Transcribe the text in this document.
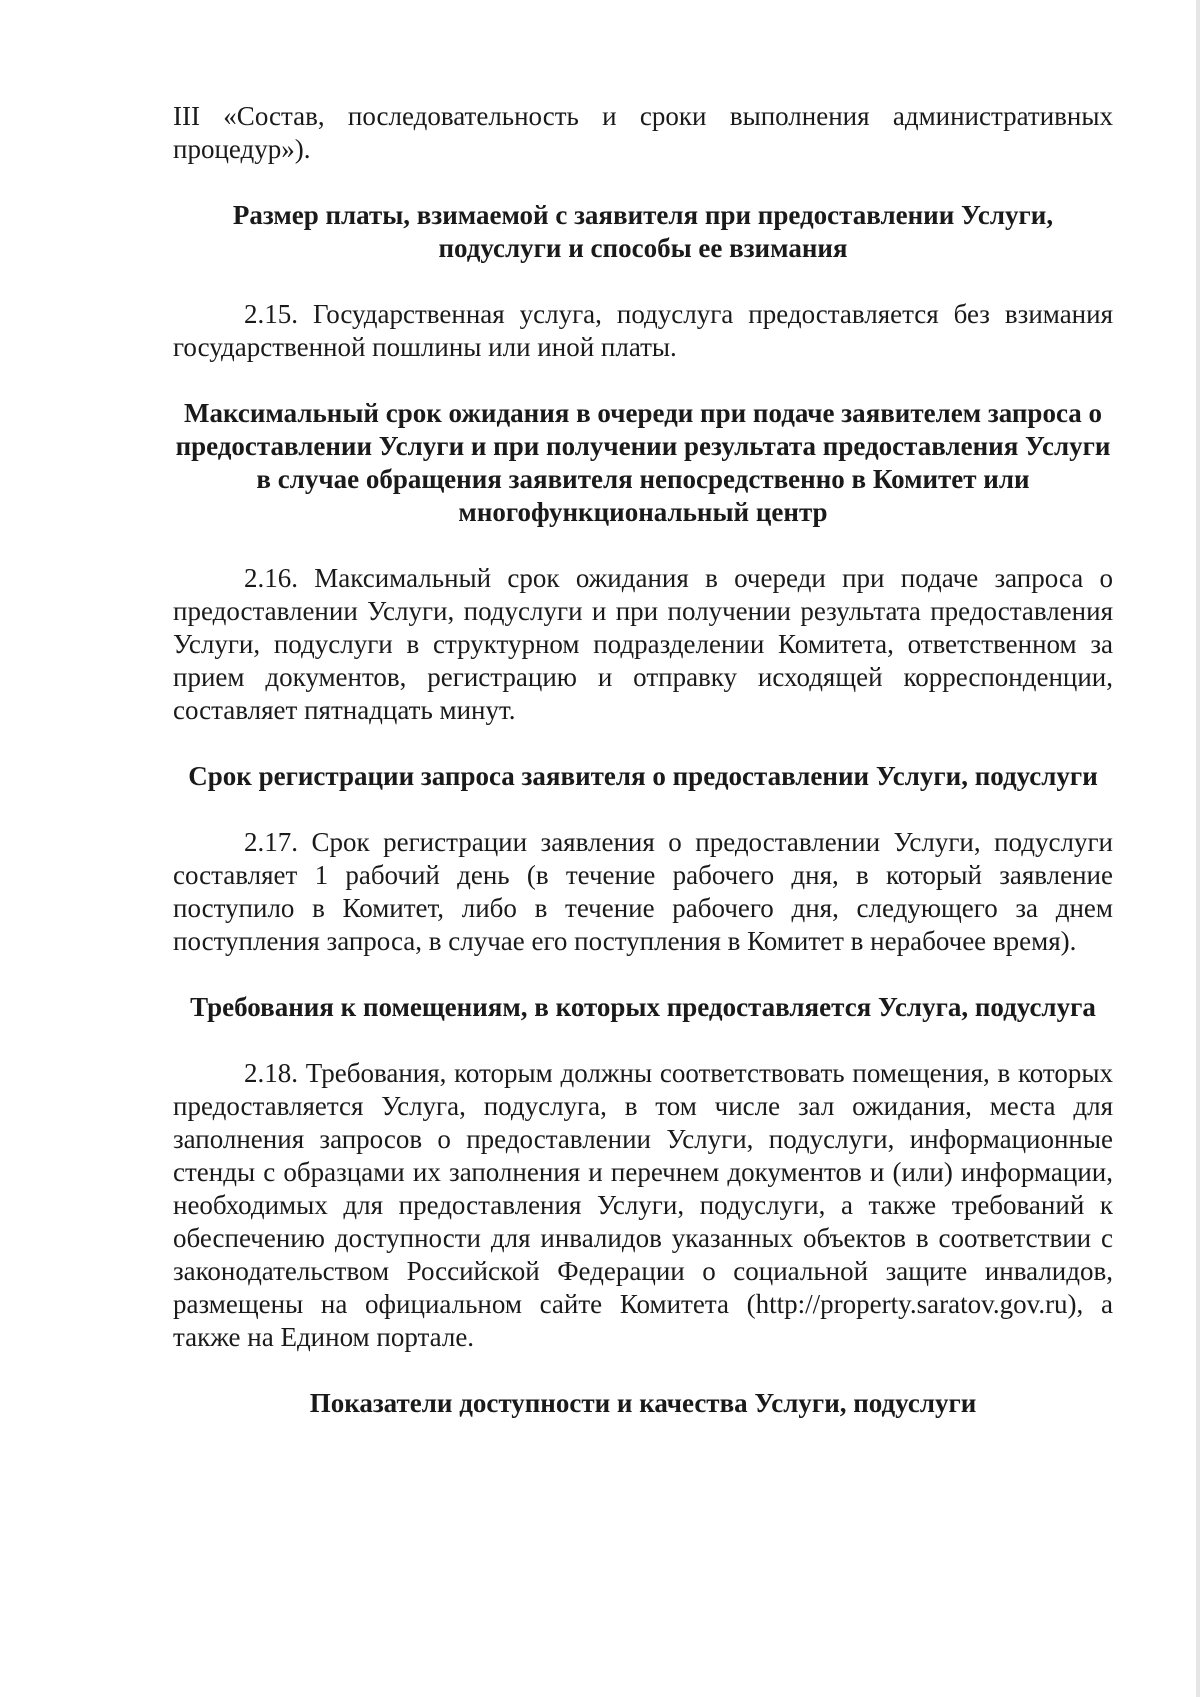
III «Состав, последовательность и сроки выполнения административных процедур»).

Размер платы, взимаемой с заявителя при предоставлении Услуги, подуслуги и способы ее взимания

2.15. Государственная услуга, подуслуга предоставляется без взимания государственной пошлины или иной платы.

Максимальный срок ожидания в очереди при подаче заявителем запроса о предоставлении Услуги и при получении результата предоставления Услуги в случае обращения заявителя непосредственно в Комитет или многофункциональный центр

2.16. Максимальный срок ожидания в очереди при подаче запроса о предоставлении Услуги, подуслуги и при получении результата предоставления Услуги, подуслуги в структурном подразделении Комитета, ответственном за прием документов, регистрацию и отправку исходящей корреспонденции, составляет пятнадцать минут.

Срок регистрации запроса заявителя о предоставлении Услуги, подуслуги

2.17. Срок регистрации заявления о предоставлении Услуги, подуслуги составляет 1 рабочий день (в течение рабочего дня, в который заявление поступило в Комитет, либо в течение рабочего дня, следующего за днем поступления запроса, в случае его поступления в Комитет в нерабочее время).

Требования к помещениям, в которых предоставляется Услуга, подуслуга

2.18. Требования, которым должны соответствовать помещения, в которых предоставляется Услуга, подуслуга, в том числе зал ожидания, места для заполнения запросов о предоставлении Услуги, подуслуги, информационные стенды с образцами их заполнения и перечнем документов и (или) информации, необходимых для предоставления Услуги, подуслуги, а также требований к обеспечению доступности для инвалидов указанных объектов в соответствии с законодательством Российской Федерации о социальной защите инвалидов, размещены на официальном сайте Комитета (http://property.saratov.gov.ru), а также на Едином портале.

Показатели доступности и качества Услуги, подуслуги
